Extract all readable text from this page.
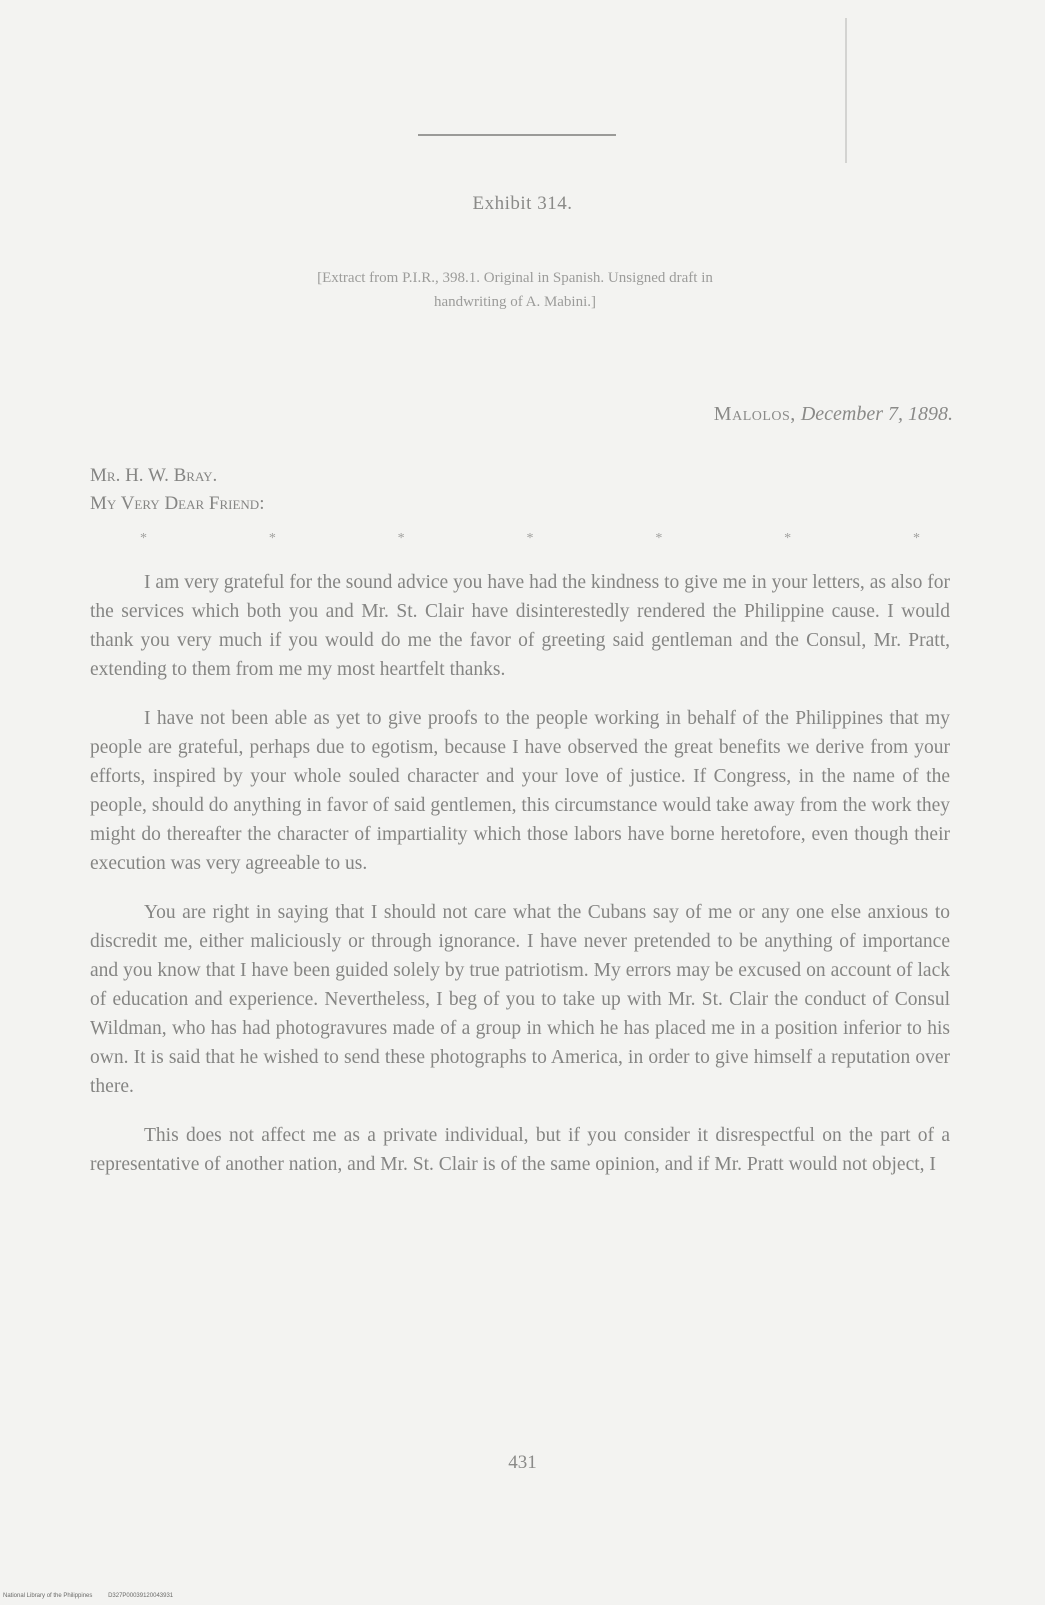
Exhibit 314.
[Extract from P.I.R., 398.1. Original in Spanish. Unsigned draft in
handwriting of A. Mabini.]
Malolos, December 7, 1898.
Mr. H. W. Bray.
My Very Dear Friend:
*	*	*	*	*	*	*

I am very grateful for the sound advice you have had the kindness to give me in your letters, as also for the services which both you and Mr. St. Clair have disinterestedly rendered the Philippine cause. I would thank you very much if you would do me the favor of greeting said gentleman and the Consul, Mr. Pratt, extending to them from me my most heartfelt thanks.

I have not been able as yet to give proofs to the people working in behalf of the Philippines that my people are grateful, perhaps due to egotism, because I have observed the great benefits we derive from your efforts, inspired by your whole souled character and your love of justice. If Congress, in the name of the people, should do anything in favor of said gentlemen, this circumstance would take away from the work they might do thereafter the character of impartiality which those labors have borne heretofore, even though their execution was very agreeable to us.

You are right in saying that I should not care what the Cubans say of me or any one else anxious to discredit me, either maliciously or through ignorance. I have never pretended to be anything of importance and you know that I have been guided solely by true patriotism. My errors may be excused on account of lack of education and experience. Nevertheless, I beg of you to take up with Mr. St. Clair the conduct of Consul Wildman, who has had photogravures made of a group in which he has placed me in a position inferior to his own. It is said that he wished to send these photographs to America, in order to give himself a reputation over there.

This does not affect me as a private individual, but if you consider it disrespectful on the part of a representative of another nation, and Mr. St. Clair is of the same opinion, and if Mr. Pratt would not object, I

431
National Library of the Philippines	D327P00039120043931
